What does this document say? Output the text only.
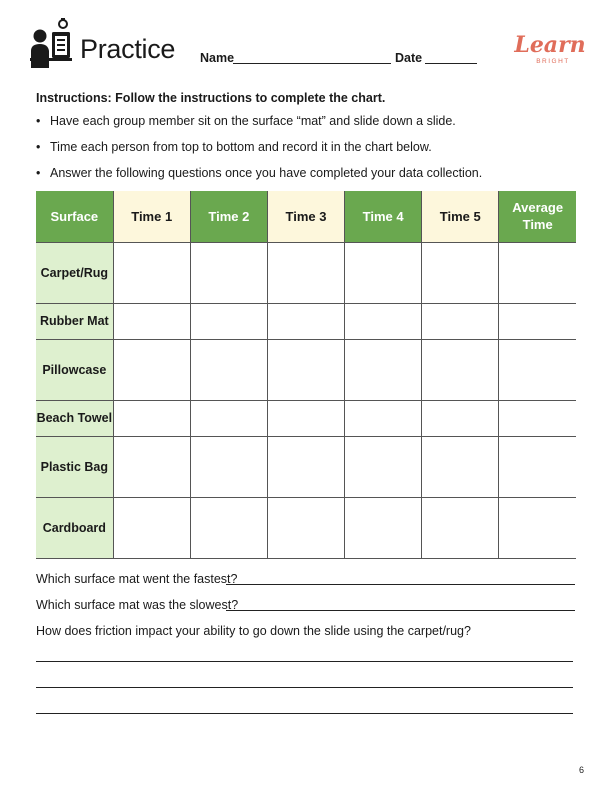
Practice Name	Date	Learn
BRIGHT
Instructions: Follow the instructions to complete the chart.
• Have each group member sit on the surface “mat” and slide down a slide.
• Time each person from top to bottom and record it in the chart below.
• Answer the following questions once you have completed your data collection.
Surface	Time 1	Time 2	Time 3	Time 4	Time 5	Average Time
Carpet/Rug						
Rubber Mat						
Pillowcase						
Beach Towel						
Plastic Bag						
Cardboard						
Which surface mat went the fastest?
Which surface mat was the slowest?
How does friction impact your ability to go down the slide using the carpet/rug?
6
